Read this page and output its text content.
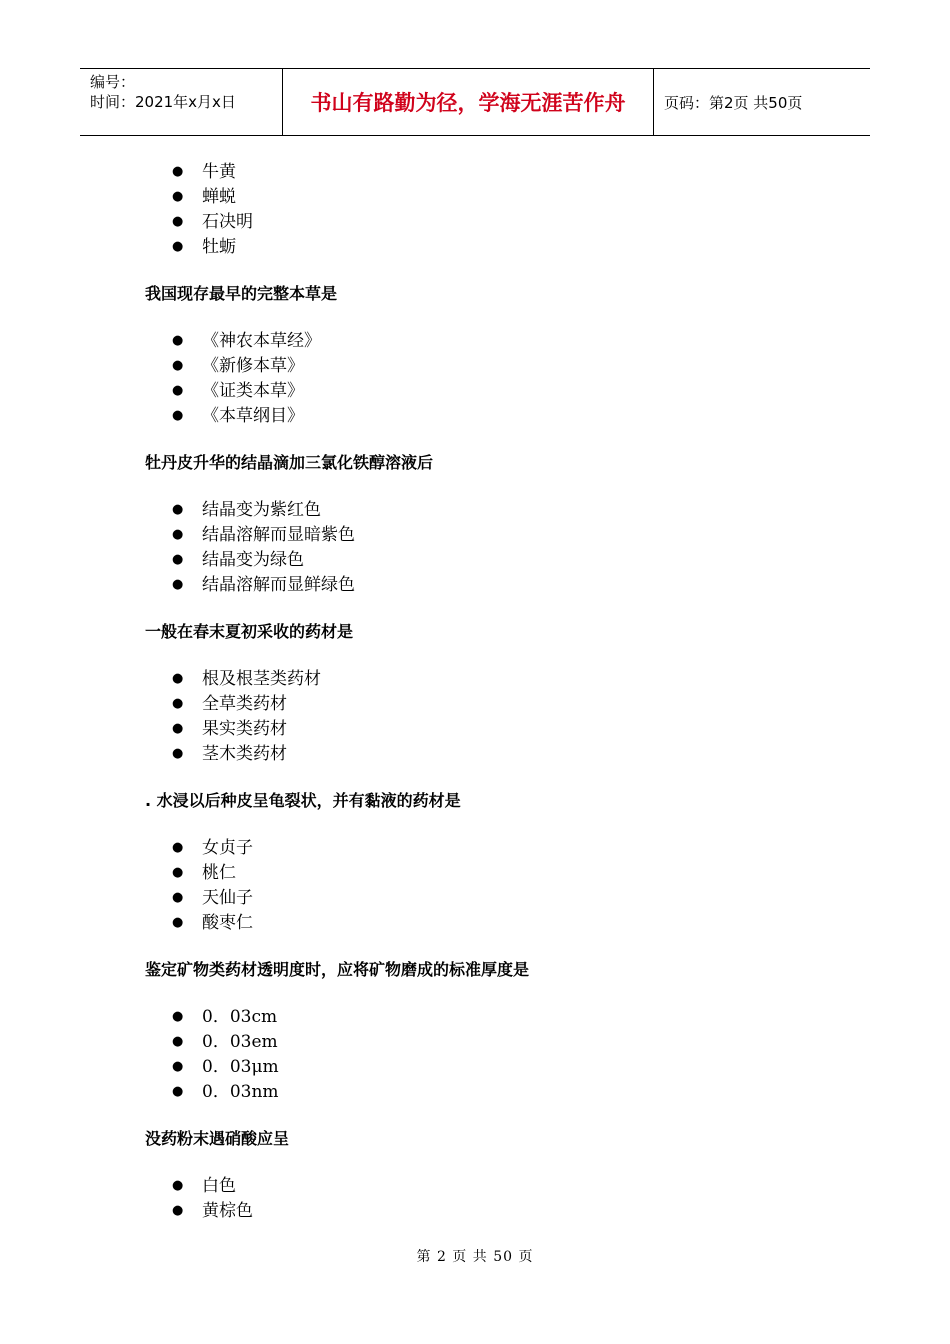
编号：
时间：2021年x月x日	书山有路勤为径，学海无涯苦作舟	页码：第2页 共50页
● 牛黄
● 蝉蜕
● 石决明
● 牡蛎
我国现存最早的完整本草是
● 《神农本草经》
● 《新修本草》
● 《证类本草》
● 《本草纲目》
牡丹皮升华的结晶滴加三氯化铁醇溶液后
● 结晶变为紫红色
● 结晶溶解而显暗紫色
● 结晶变为绿色
● 结晶溶解而显鲜绿色
一般在春末夏初采收的药材是
● 根及根茎类药材
● 全草类药材
● 果实类药材
● 茎木类药材
. 水浸以后种皮呈龟裂状，并有黏液的药材是
● 女贞子
● 桃仁
● 天仙子
● 酸枣仁
鉴定矿物类药材透明度时，应将矿物磨成的标准厚度是
● 0．03cm
● 0．03em
● 0．03μm
● 0．03nm
没药粉末遇硝酸应呈
● 白色
● 黄棕色
第 2 页 共 50 页
